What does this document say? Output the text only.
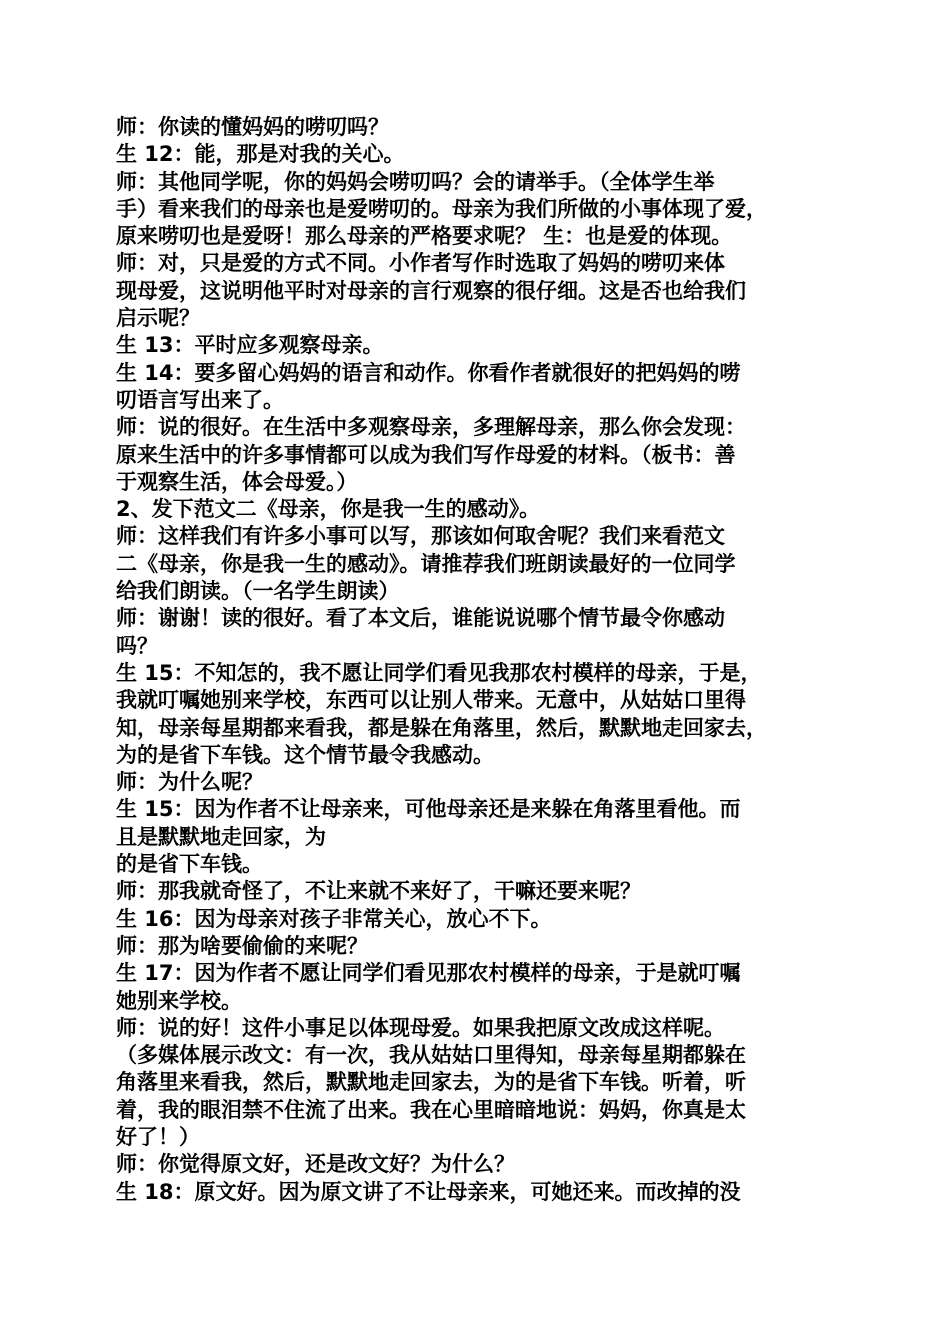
师：你读的懂妈妈的唠叨吗？
生 12：能，那是对我的关心。
师：其他同学呢，你的妈妈会唠叨吗？会的请举手。（全体学生举
手）看来我们的母亲也是爱唠叨的。母亲为我们所做的小事体现了爱，
原来唠叨也是爱呀！那么母亲的严格要求呢？ 生：也是爱的体现。
师：对，只是爱的方式不同。小作者写作时选取了妈妈的唠叨来体
现母爱，这说明他平时对母亲的言行观察的很仔细。这是否也给我们
启示呢？
生 13：平时应多观察母亲。
生 14：要多留心妈妈的语言和动作。你看作者就很好的把妈妈的唠
叨语言写出来了。
师：说的很好。在生活中多观察母亲，多理解母亲，那么你会发现：
原来生活中的许多事情都可以成为我们写作母爱的材料。（板书：善
于观察生活，体会母爱。）
2、发下范文二《母亲，你是我一生的感动》。
师：这样我们有许多小事可以写，那该如何取舍呢？我们来看范文
二《母亲，你是我一生的感动》。请推荐我们班朗读最好的一位同学
给我们朗读。（一名学生朗读）
师：谢谢！读的很好。看了本文后，谁能说说哪个情节最令你感动
吗？
生 15：不知怎的，我不愿让同学们看见我那农村模样的母亲，于是，
我就叮嘱她别来学校，东西可以让别人带来。无意中，从姑姑口里得
知，母亲每星期都来看我，都是躲在角落里，然后，默默地走回家去，
为的是省下车钱。这个情节最令我感动。
师：为什么呢？
生 15：因为作者不让母亲来，可他母亲还是来躲在角落里看他。而
且是默默地走回家，为
的是省下车钱。
师：那我就奇怪了，不让来就不来好了，干嘛还要来呢？
生 16：因为母亲对孩子非常关心，放心不下。
师：那为啥要偷偷的来呢？
生 17：因为作者不愿让同学们看见那农村模样的母亲，于是就叮嘱
她别来学校。
师：说的好！这件小事足以体现母爱。如果我把原文改成这样呢。
（多媒体展示改文：有一次，我从姑姑口里得知，母亲每星期都躲在
角落里来看我，然后，默默地走回家去，为的是省下车钱。听着，听
着，我的眼泪禁不住流了出来。我在心里暗暗地说：妈妈，你真是太
好了！）
师：你觉得原文好，还是改文好？为什么？
生 18：原文好。因为原文讲了不让母亲来，可她还来。而改掉的没
